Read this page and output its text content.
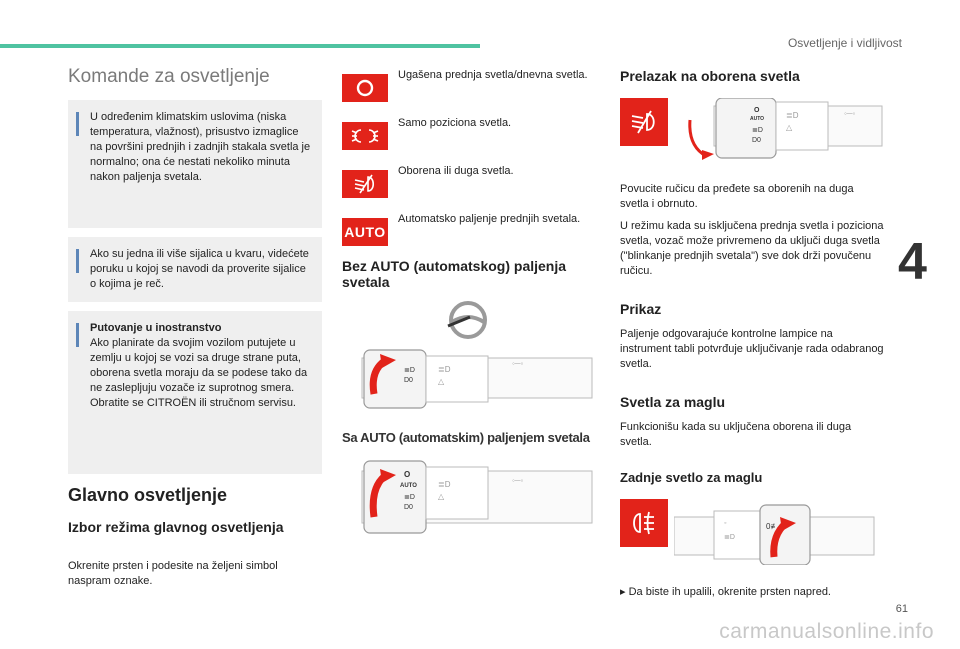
Osvetljenje i vidljivost
4
61
Komande za osvetljenje
U određenim klimatskim uslovima (niska temperatura, vlažnost), prisustvo izmaglice na površini prednjih i zadnjih stakala svetla je normalno; ona će nestati nekoliko minuta nakon paljenja svetala.
Ako su jedna ili više sijalica u kvaru, videćete poruku u kojoj se navodi da proverite sijalice o kojima je reč.
Putovanje u inostranstvo
Ako planirate da svojim vozilom putujete u zemlju u kojoj se vozi sa druge strane puta, oborena svetla moraju da se podese tako da ne zaslepljuju vozače iz suprotnog smera. Obratite se CITROËN ili stručnom servisu.
Glavno osvetljenje
Izbor režima glavnog osvetljenja
Okrenite prsten i podesite na željeni simbol naspram oznake.
Ugašena prednja svetla/dnevna svetla.
Samo poziciona svetla.
Oborena ili duga svetla.
AUTO
Automatsko paljenje prednjih svetala.
Bez AUTO (automatskog) paljenja svetala
≣D
△
◦─◦
≣D
D0
Sa AUTO (automatskim) paljenjem svetala
O
AUTO
≣D
D0
≣D
△
◦─◦
Prelazak na oborena svetla
O
AUTO
≣D
D0
≣D
△
◦─◦
Povucite ručicu da pređete sa oborenih na duga svetla i obrnuto.
U režimu kada su isključena prednja svetla i poziciona svetla, vozač može privremeno da uključi duga svetla ("blinkanje prednjih svetala") sve dok drži povučenu ručicu.
Prikaz
Paljenje odgovarajuće kontrolne lampice na instrument tabli potvrđuje uključivanje rada odabranog svetla.
Svetla za maglu
Funkcionišu kada su uključena oborena ili duga svetla.
Zadnje svetlo za maglu
◦
≣D
0≢
▸ Da biste ih upalili, okrenite prsten napred.
carmanualsonline.info
